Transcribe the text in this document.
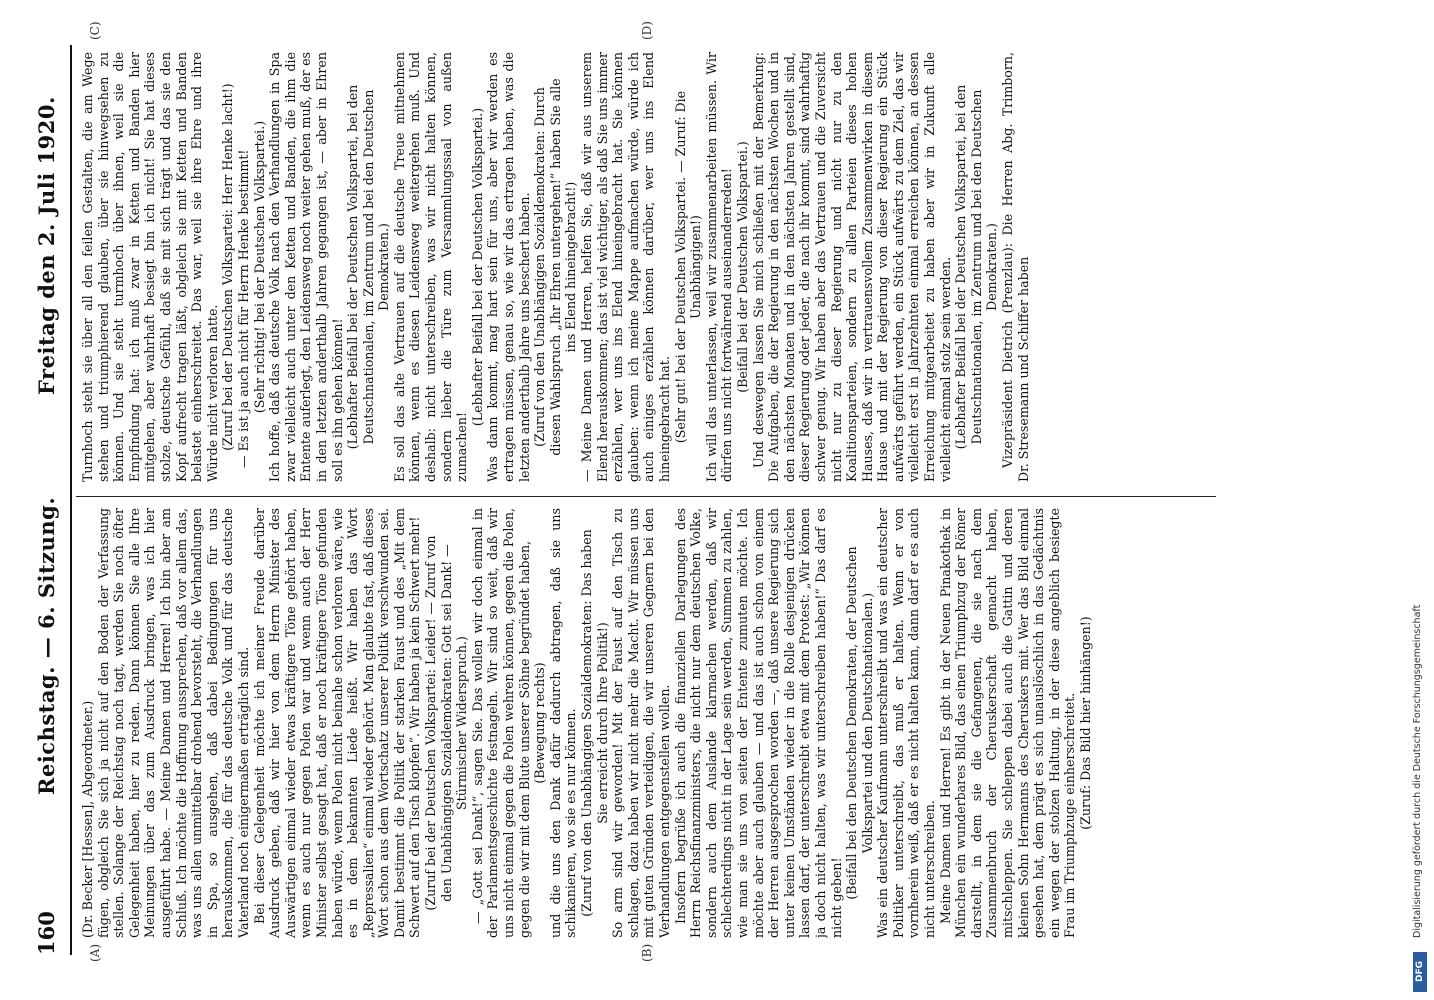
160
Reichstag. — 6. Sitzung.
Freitag den 2. Juli 1920.
(A)	(B)
(C)	(D)

(Dr. Becker [Hessen], Abgeordneter.) fügen, obgleich Sie sich ja nicht auf den Boden der Verfassung stellen. Solange der Reichstag noch tagt, werden Sie noch öfter Gelegenheit haben, hier zu reden. Dann können Sie alle Ihre Meinungen über das zum Ausdruck bringen, was ich hier ausgeführt habe. — Meine Damen und Herren! Ich bin aber am Schluß. Ich möchte die Hoffnung aussprechen, daß vor allem das, was uns allen unmittelbar drohend bevorsteht, die Verhandlungen in Spa, so ausgehen, daß dabei Bedingungen für uns herauskommen, die für das deutsche Volk und für das deutsche Vaterland noch einigermaßen erträglich sind. Bei dieser Gelegenheit möchte ich meiner Freude darüber Ausdruck geben, daß wir hier von dem Herrn Minister des Auswärtigen einmal wieder etwas kräftigere Töne gehört haben, wenn es auch nur gegen Polen war und wenn auch der Herr Minister selbst gesagt hat, daß er noch kräftigere Töne gefunden haben würde, wenn Polen nicht beinahe schon verloren wäre, wie es in dem bekannten Liede heißt. Wir haben das Wort „Repressalien“ einmal wieder gehört. Man glaubte fast, daß dieses Wort schon aus dem Wortschatz unserer Politik verschwunden sei. Damit bestimmt die Politik der starken Faust und des „Mit dem Schwert auf den Tisch klopfen“. Wir haben ja kein Schwert mehr! (Zuruf bei der Deutschen Volkspartei: Leider! — Zuruf von den Unabhängigen Sozialdemokraten: Gott sei Dank! — Stürmischer Widerspruch.) — „Gott sei Dank!“, sagen Sie. Das wollen wir doch einmal in der Parlamentsgeschichte festnageln. Wir sind so weit, daß wir uns nicht einmal gegen die Polen wehren können, gegen die Polen, gegen die wir mit dem Blute unserer Söhne begründet haben, (Bewegung rechts) und die uns den Dank dafür dadurch abtragen, daß sie uns schikanieren, wo sie es nur können. (Zuruf von den Unabhängigen Sozialdemokraten: Das haben Sie erreicht durch Ihre Politik!) So arm sind wir geworden! Mit der Faust auf den Tisch zu schlagen, dazu haben wir nicht mehr die Macht. Wir müssen uns mit guten Gründen verteidigen, die wir unseren Gegnern bei den Verhandlungen entgegenstellen wollen. Insofern begrüße ich auch die finanziellen Darlegungen des Herrn Reichsfinanzministers, die nicht nur dem deutschen Volke, sondern auch dem Auslande klarmachen werden, daß wir schlechterdings nicht in der Lage sein werden, Summen zu zahlen, wie man sie uns von seiten der Entente zumuten möchte. Ich möchte aber auch glauben — und das ist auch schon von einem der Herren ausgesprochen worden —, daß unsere Regierung sich unter keinen Umständen wieder in die Rolle desjenigen drücken lassen darf, der unterschreibt etwa mit dem Protest: „Wir können ja doch nicht halten, was wir unterschreiben haben!“ Das darf es nicht geben! (Beifall bei den Deutschen Demokraten, der Deutschen Volkspartei und den Deutschnationalen.) Was ein deutscher Kaufmann unterschreibt und was ein deutscher Politiker unterschreibt, das muß er halten. Wenn er von vornherein weiß, daß er es nicht halten kann, dann darf er es auch nicht unterschreiben. Meine Damen und Herren! Es gibt in der Neuen Pinakothek in München ein wunderbares Bild, das einen Triumphzug der Römer darstellt, in dem sie die Gefangenen, die sie nach dem Zusammenbruch der Cheruskerschaft gemacht haben, mitschleppen. Sie schleppen dabei auch die Gattin und deren kleinen Sohn Hermanns des Cheruskers mit. Wer das Bild einmal gesehen hat, dem prägt es sich unauslöschlich in das Gedächtnis ein wegen der stolzen Haltung, in der diese angeblich besiegte Frau im Triumphzuge einherschreitet. (Zuruf: Das Bild hier hinhängen!)

Turnhoch steht sie über all den feilen Gestalten, die am Wege stehen und triumphierend glauben, über sie hinwegsehen zu können. Und sie steht turmhoch über ihnen, weil sie die Empfindung hat: ich muß zwar in Ketten und Banden hier mitgehen, aber wahrhaft besiegt bin ich nicht! Sie hat dieses stolze, deutsche Gefühl, daß sie mit sich trägt und das sie den Kopf aufrecht tragen läßt, obgleich sie mit Ketten und Banden belastet einherschreitet. Das war, weil sie ihre Ehre und ihre Würde nicht verloren hatte. (Zuruf bei der Deutschen Volkspartei: Herr Henke lacht!) — Es ist ja auch nicht für Herrn Henke bestimmt! (Sehr richtig! bei der Deutschen Volkspartei.) Ich hoffe, daß das deutsche Volk nach den Verhandlungen in Spa zwar vielleicht auch unter den Ketten und Banden, die ihm die Entente auferlegt, den Leidensweg noch weiter gehen muß, der es in den letzten anderthalb Jahren gegangen ist, — aber in Ehren soll es ihn gehen können! (Lebhafter Beifall bei der Deutschen Volkspartei, bei den Deutschnationalen, im Zentrum und bei den Deutschen Demokraten.) Es soll das alte Vertrauen auf die deutsche Treue mitnehmen können, wenn es diesen Leidensweg weitergehen muß. Und deshalb: nicht unterschreiben, was wir nicht halten können, sondern lieber die Türe zum Versammlungssaal von außen zumachen!

(Lebhafter Beifall bei der Deutschen Volkspartei.) Was dann kommt, mag hart sein für uns, aber wir werden es ertragen müssen, genau so, wie wir das ertragen haben, was die letzten anderthalb Jahre uns beschert haben. (Zuruf von den Unabhängigen Sozialdemokraten: Durch diesen Wahlspruch „Ihr Ehren untergehen!“ haben Sie alle ins Elend hineingebracht!) — Meine Damen und Herren, helfen Sie, daß wir aus unserem Elend herauskommen; das ist viel wichtiger, als daß Sie uns immer erzählen, wer uns ins Elend hineingebracht hat. Sie können glauben: wenn ich meine Mappe aufmachen würde, würde ich auch einiges erzählen können darüber, wer uns ins Elend hineingebracht hat. (Sehr gut! bei der Deutschen Volkspartei. — Zuruf: Die Unabhängigen!) Ich will das unterlassen, weil wir zusammenarbeiten müssen. Wir dürfen uns nicht fortwährend auseinanderreden! (Beifall bei der Deutschen Volkspartei.) Und deswegen lassen Sie mich schließen mit der Bemerkung: Die Aufgaben, die der Regierung in den nächsten Wochen und in den nächsten Monaten und in den nächsten Jahren gestellt sind, dieser Regierung oder jeder, die nach ihr kommt, sind wahrhaftig schwer genug. Wir haben aber das Vertrauen und die Zuversicht nicht nur zu dieser Regierung und nicht nur zu den Koalitionsparteien, sondern zu allen Parteien dieses hohen Hauses, daß wir in vertrauensvollem Zusammenwirken in diesem Hause und mit der Regierung von dieser Regierung ein Stück aufwärts geführt werden, ein Stück aufwärts zu dem Ziel, das wir vielleicht erst in Jahrzehnten einmal erreichen können, an dessen Erreichung mitgearbeitet zu haben aber wir in Zukunft alle vielleicht einmal stolz sein werden. (Lebhafter Beifall bei der Deutschen Volkspartei, bei den Deutschnationalen, im Zentrum und bei den Deutschen Demokraten.) Vizepräsident Dietrich (Prenzlau): Die Herren Abg. Trimborn, Dr. Stresemann und Schiffer haben

Digitalisierung gefördert durch die Deutsche Forschungsgemeinschaft
DFG
